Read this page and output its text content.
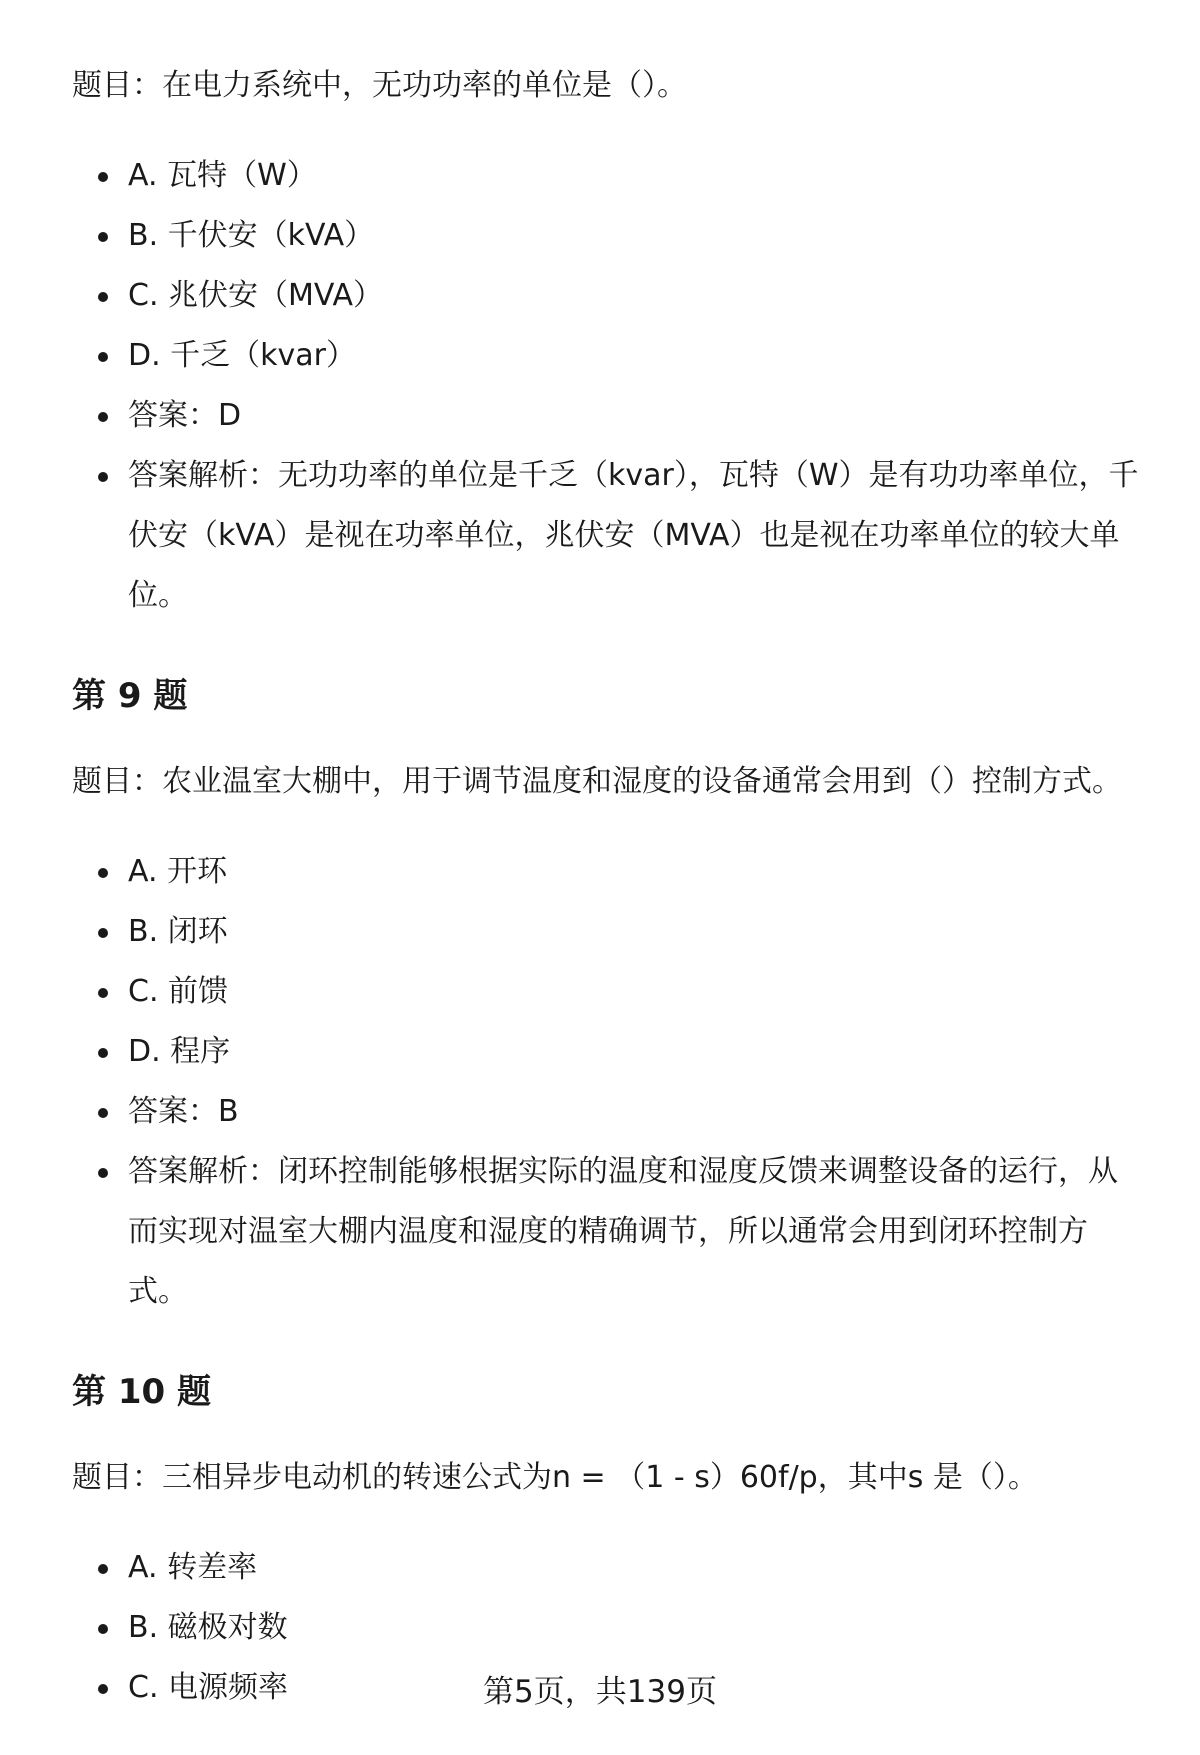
题目：在电力系统中，无功功率的单位是（）。

A. 瓦特（W）
B. 千伏安（kVA）
C. 兆伏安（MVA）
D. 千乏（kvar）
答案：D
答案解析：无功功率的单位是千乏（kvar），瓦特（W）是有功功率单位，千伏安（kVA）是视在功率单位，兆伏安（MVA）也是视在功率单位的较大单位。
第 9 题

题目：农业温室大棚中，用于调节温度和湿度的设备通常会用到（）控制方式。

A. 开环
B. 闭环
C. 前馈
D. 程序
答案：B
答案解析：闭环控制能够根据实际的温度和湿度反馈来调整设备的运行，从而实现对温室大棚内温度和湿度的精确调节，所以通常会用到闭环控制方式。
第 10 题

题目：三相异步电动机的转速公式为n = （1 - s）60f/p，其中s 是（）。

A. 转差率
B. 磁极对数
C. 电源频率	第5页，共139页
